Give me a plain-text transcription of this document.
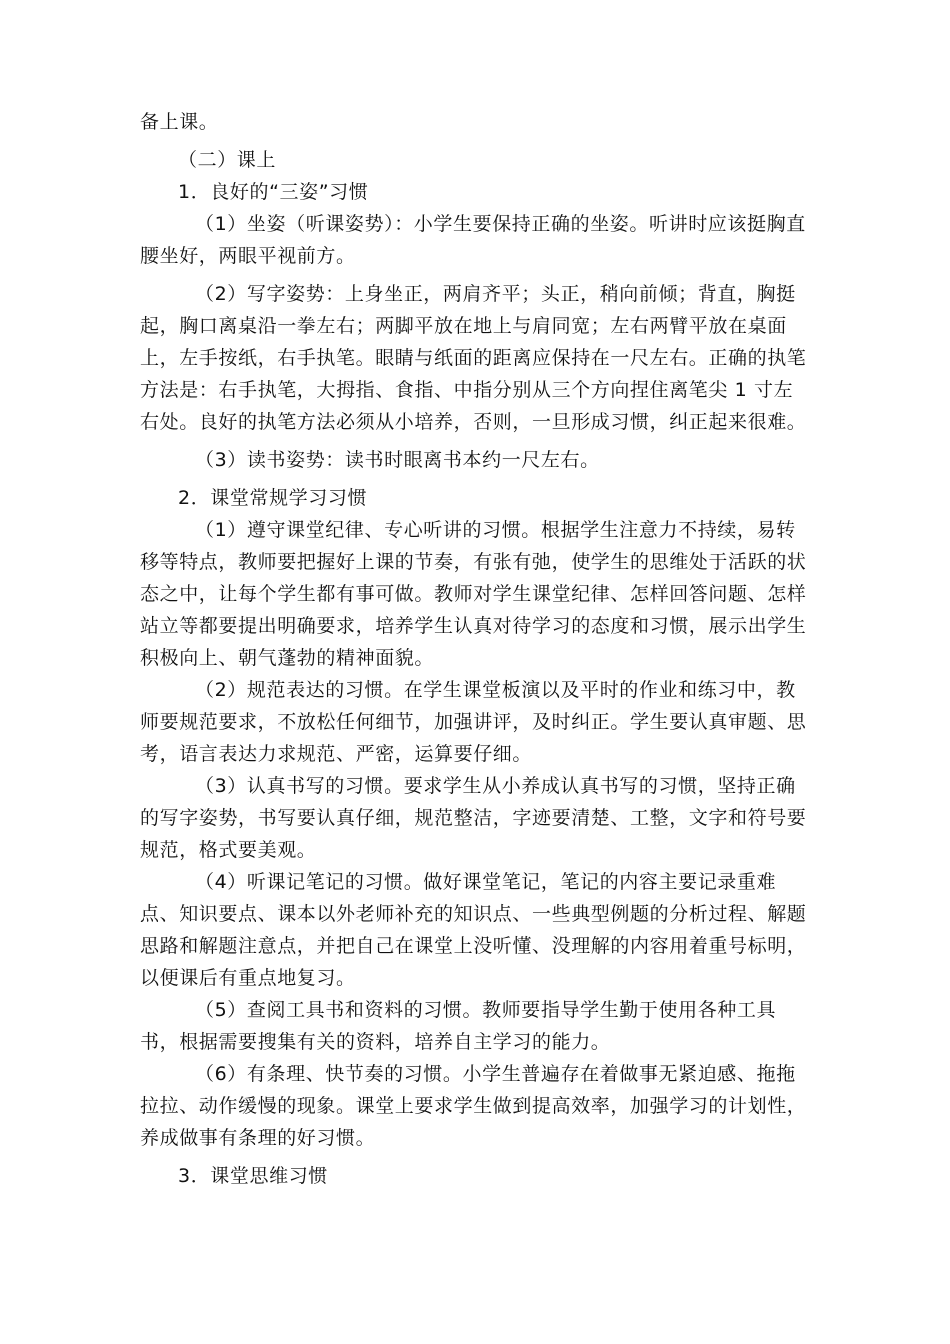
备上课。

（二）课上

1．良好的“三姿”习惯

（1）坐姿（听课姿势）：小学生要保持正确的坐姿。听讲时应该挺胸直腰坐好，两眼平视前方。

（2）写字姿势：上身坐正，两肩齐平；头正，稍向前倾；背直，胸挺起，胸口离桌沿一拳左右；两脚平放在地上与肩同宽；左右两臂平放在桌面上，左手按纸，右手执笔。眼睛与纸面的距离应保持在一尺左右。正确的执笔方法是：右手执笔，大拇指、食指、中指分别从三个方向捏住离笔尖 1 寸左右处。良好的执笔方法必须从小培养，否则，一旦形成习惯，纠正起来很难。

（3）读书姿势：读书时眼离书本约一尺左右。

2．课堂常规学习习惯

（1）遵守课堂纪律、专心听讲的习惯。根据学生注意力不持续，易转移等特点，教师要把握好上课的节奏，有张有弛，使学生的思维处于活跃的状态之中，让每个学生都有事可做。教师对学生课堂纪律、怎样回答问题、怎样站立等都要提出明确要求，培养学生认真对待学习的态度和习惯，展示出学生积极向上、朝气蓬勃的精神面貌。

（2）规范表达的习惯。在学生课堂板演以及平时的作业和练习中，教师要规范要求，不放松任何细节，加强讲评，及时纠正。学生要认真审题、思考，语言表达力求规范、严密，运算要仔细。

（3）认真书写的习惯。要求学生从小养成认真书写的习惯，坚持正确的写字姿势，书写要认真仔细，规范整洁，字迹要清楚、工整，文字和符号要规范，格式要美观。

（4）听课记笔记的习惯。做好课堂笔记，笔记的内容主要记录重难点、知识要点、课本以外老师补充的知识点、一些典型例题的分析过程、解题思路和解题注意点，并把自己在课堂上没听懂、没理解的内容用着重号标明，以便课后有重点地复习。

（5）查阅工具书和资料的习惯。教师要指导学生勤于使用各种工具书，根据需要搜集有关的资料，培养自主学习的能力。

（6）有条理、快节奏的习惯。小学生普遍存在着做事无紧迫感、拖拖拉拉、动作缓慢的现象。课堂上要求学生做到提高效率，加强学习的计划性，养成做事有条理的好习惯。

3．课堂思维习惯
